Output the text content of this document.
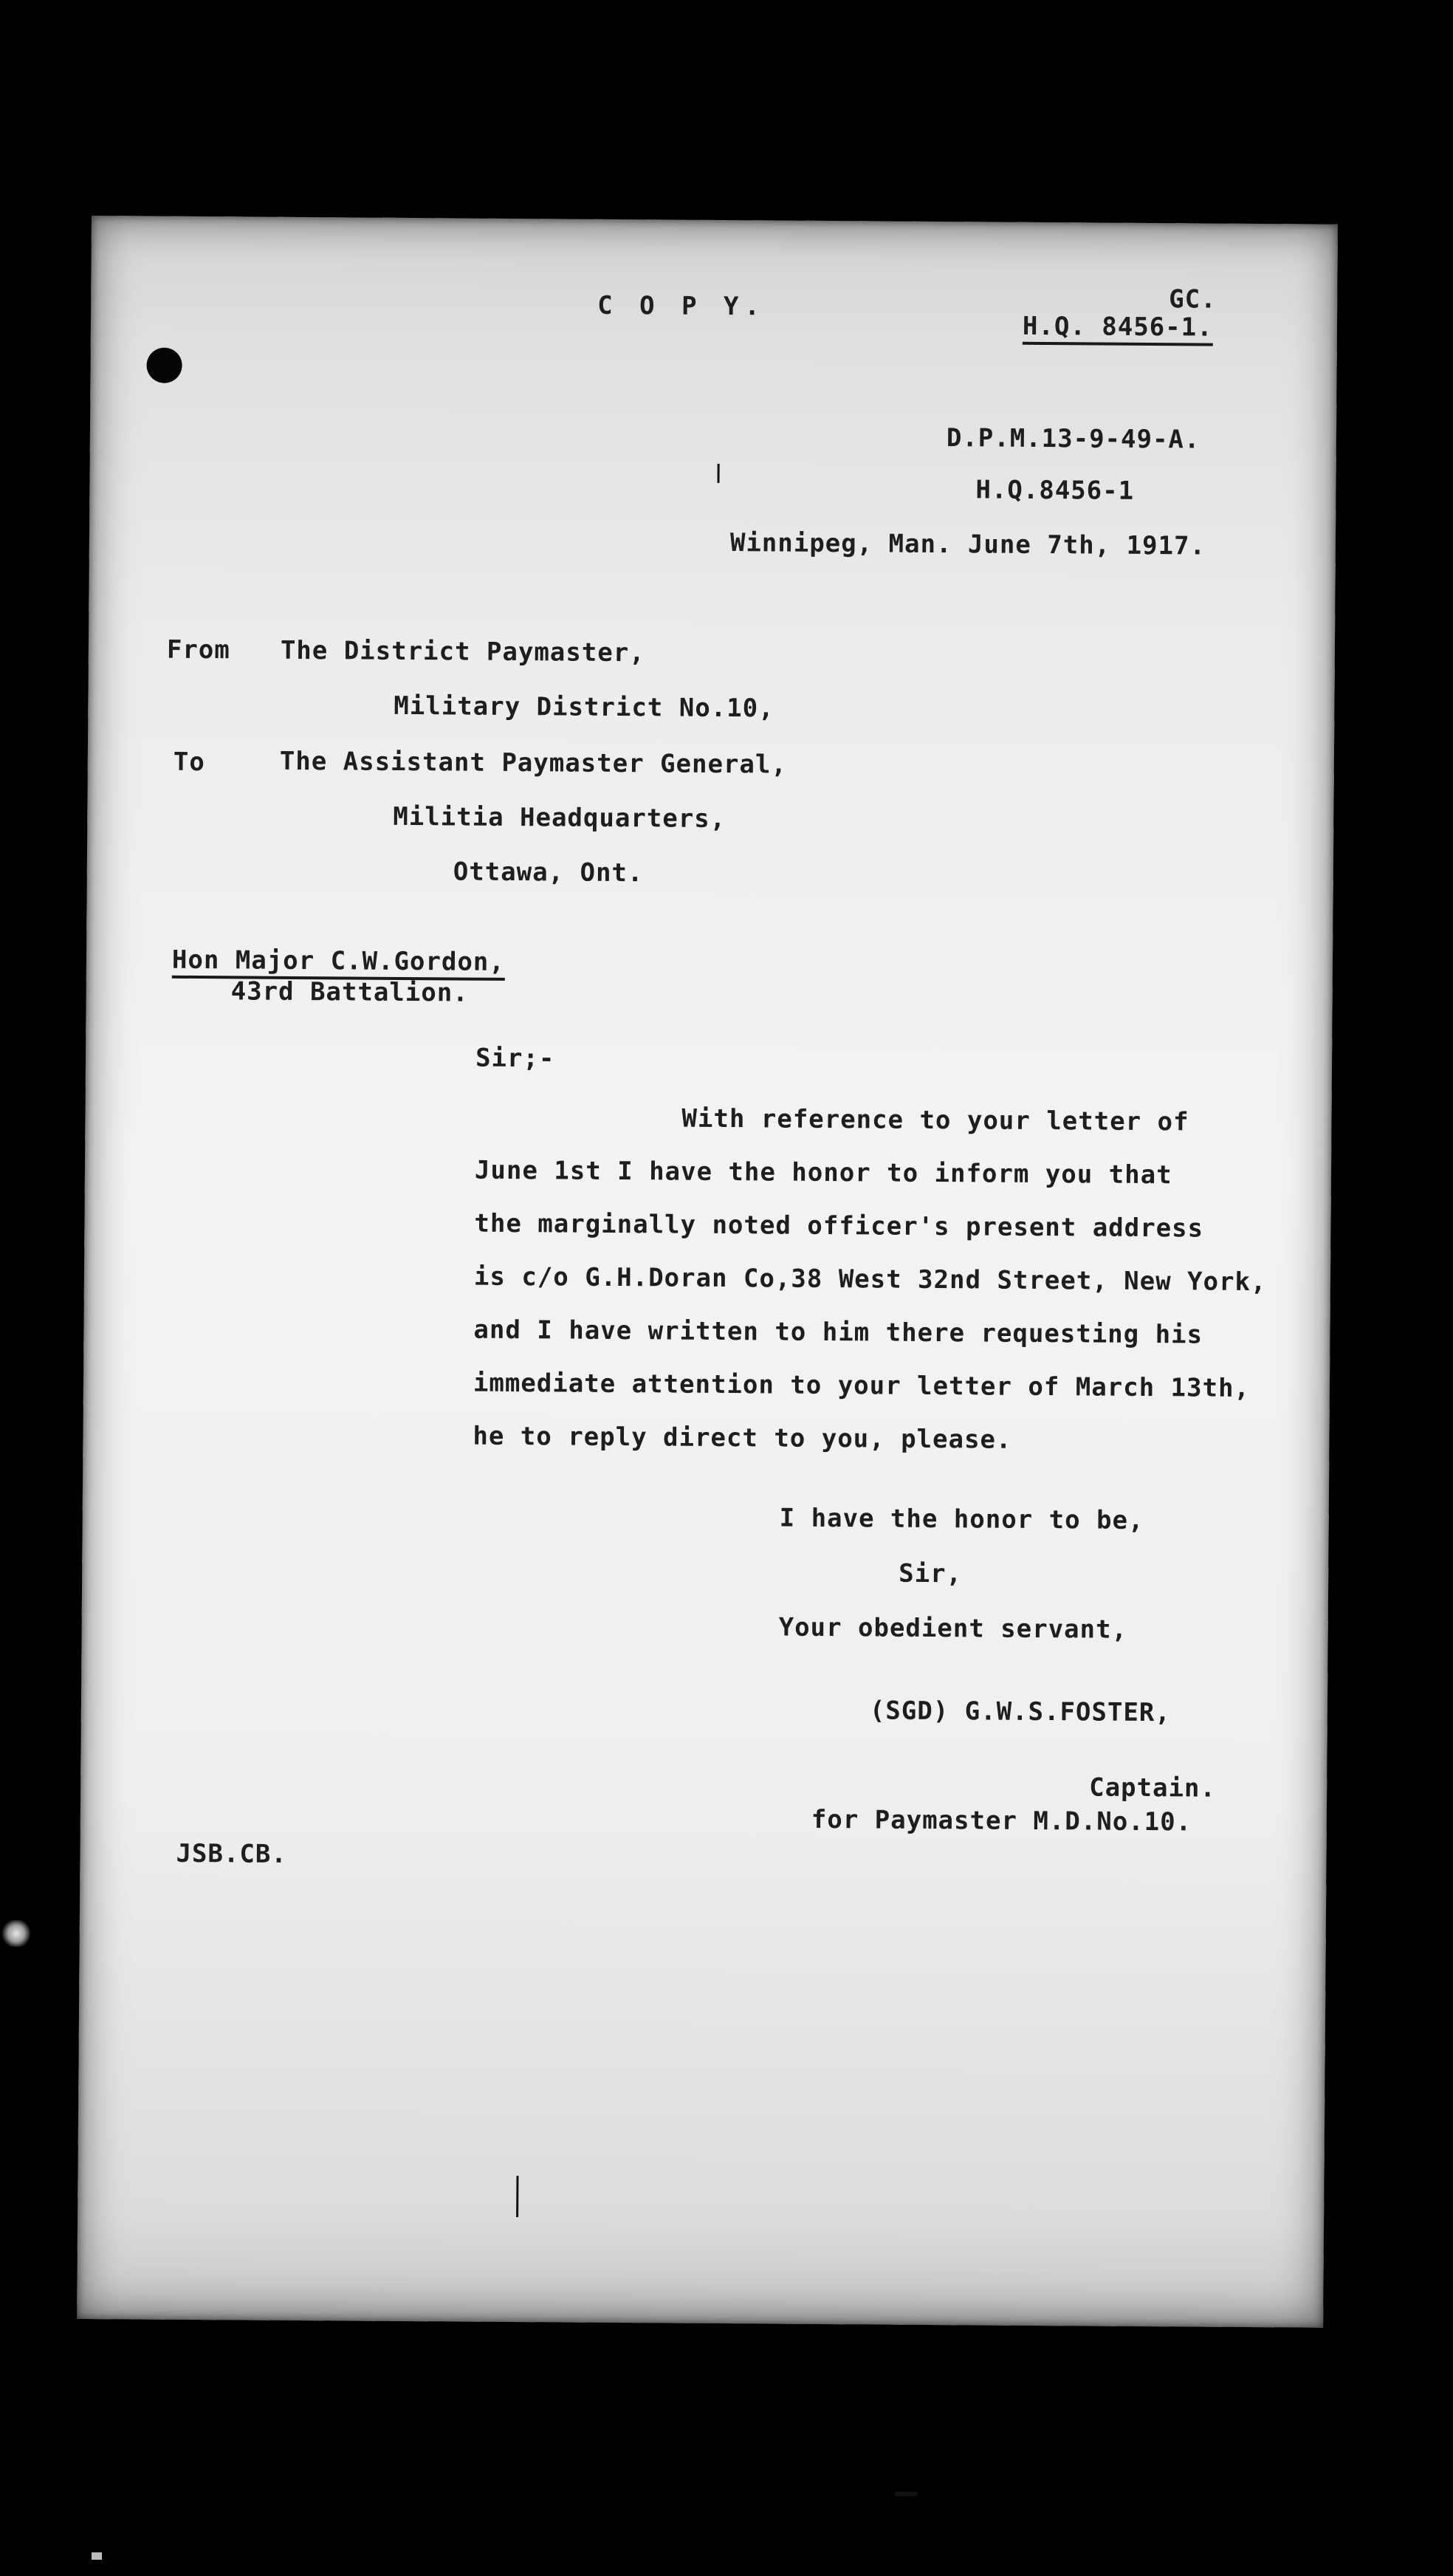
C O P Y.	GC.
H.Q. 8456-1.
D.P.M.13-9-49-A.
H.Q.8456-1
Winnipeg, Man. June 7th, 1917.
From The District Paymaster,
Military District No.10,
To	The Assistant Paymaster General,
Militia Headquarters,
Ottawa, Ont.
Hon Major C.W.Gordon,
43rd Battalion.
Sir;-
With reference to your letter of
June 1st I have the honor to inform you that
the marginally noted officer's present address
is c/o G.H.Doran Co,38 West 32nd Street, New York,
and I have written to him there requesting his
immediate attention to your letter of March 13th,
he to reply direct to you, please.
I have the honor to be,
Sir,
Your obedient servant,
(SGD) G.W.S.FOSTER,
Captain.
for Paymaster M.D.No.10.
JSB.CB.
